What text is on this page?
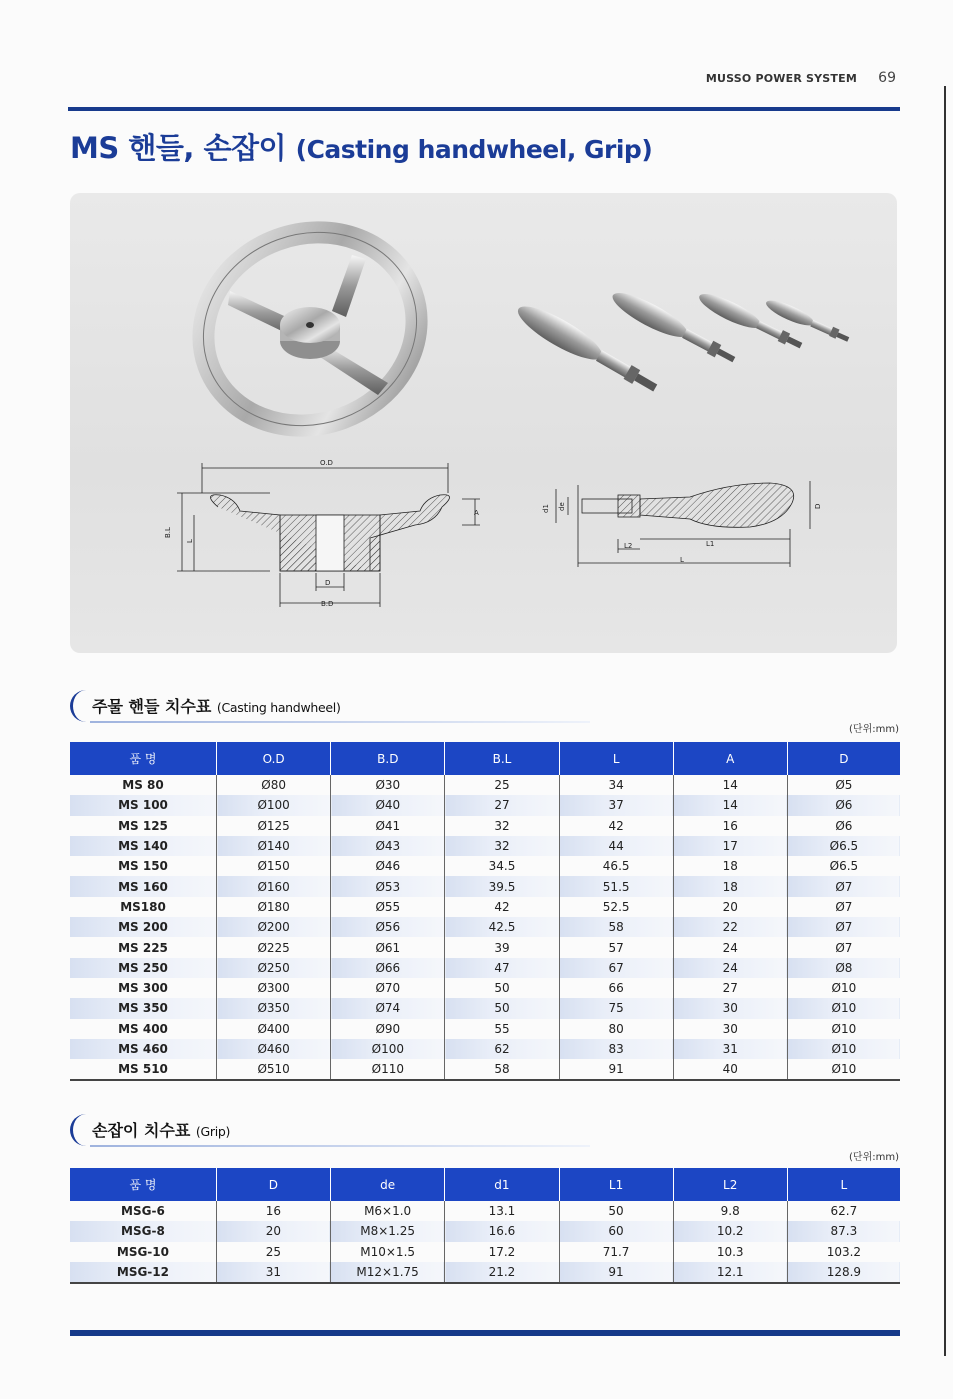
MUSSO POWER SYSTEM 69
MS 핸들, 손잡이 (Casting handwheel, Grip)
O.D
B.L
L
A
D
B.D
d1 de
L2	L1
L
D
주물 핸들 치수표 (Casting handwheel)
(단위:mm)
품 명	O.D	B.D	B.L	L	A	D
MS 80	Ø80	Ø30	25	34	14	Ø5
MS 100	Ø100	Ø40	27	37	14	Ø6
MS 125	Ø125	Ø41	32	42	16	Ø6
MS 140	Ø140	Ø43	32	44	17	Ø6.5
MS 150	Ø150	Ø46	34.5	46.5	18	Ø6.5
MS 160	Ø160	Ø53	39.5	51.5	18	Ø7
MS180	Ø180	Ø55	42	52.5	20	Ø7
MS 200	Ø200	Ø56	42.5	58	22	Ø7
MS 225	Ø225	Ø61	39	57	24	Ø7
MS 250	Ø250	Ø66	47	67	24	Ø8
MS 300	Ø300	Ø70	50	66	27	Ø10
MS 350	Ø350	Ø74	50	75	30	Ø10
MS 400	Ø400	Ø90	55	80	30	Ø10
MS 460	Ø460	Ø100	62	83	31	Ø10
MS 510	Ø510	Ø110	58	91	40	Ø10
손잡이 치수표 (Grip)
(단위:mm)
품 명	D	de	d1	L1	L2	L
MSG-6	16	M6×1.0	13.1	50	9.8	62.7
MSG-8	20	M8×1.25	16.6	60	10.2	87.3
MSG-10	25	M10×1.5	17.2	71.7	10.3	103.2
MSG-12	31	M12×1.75	21.2	91	12.1	128.9
